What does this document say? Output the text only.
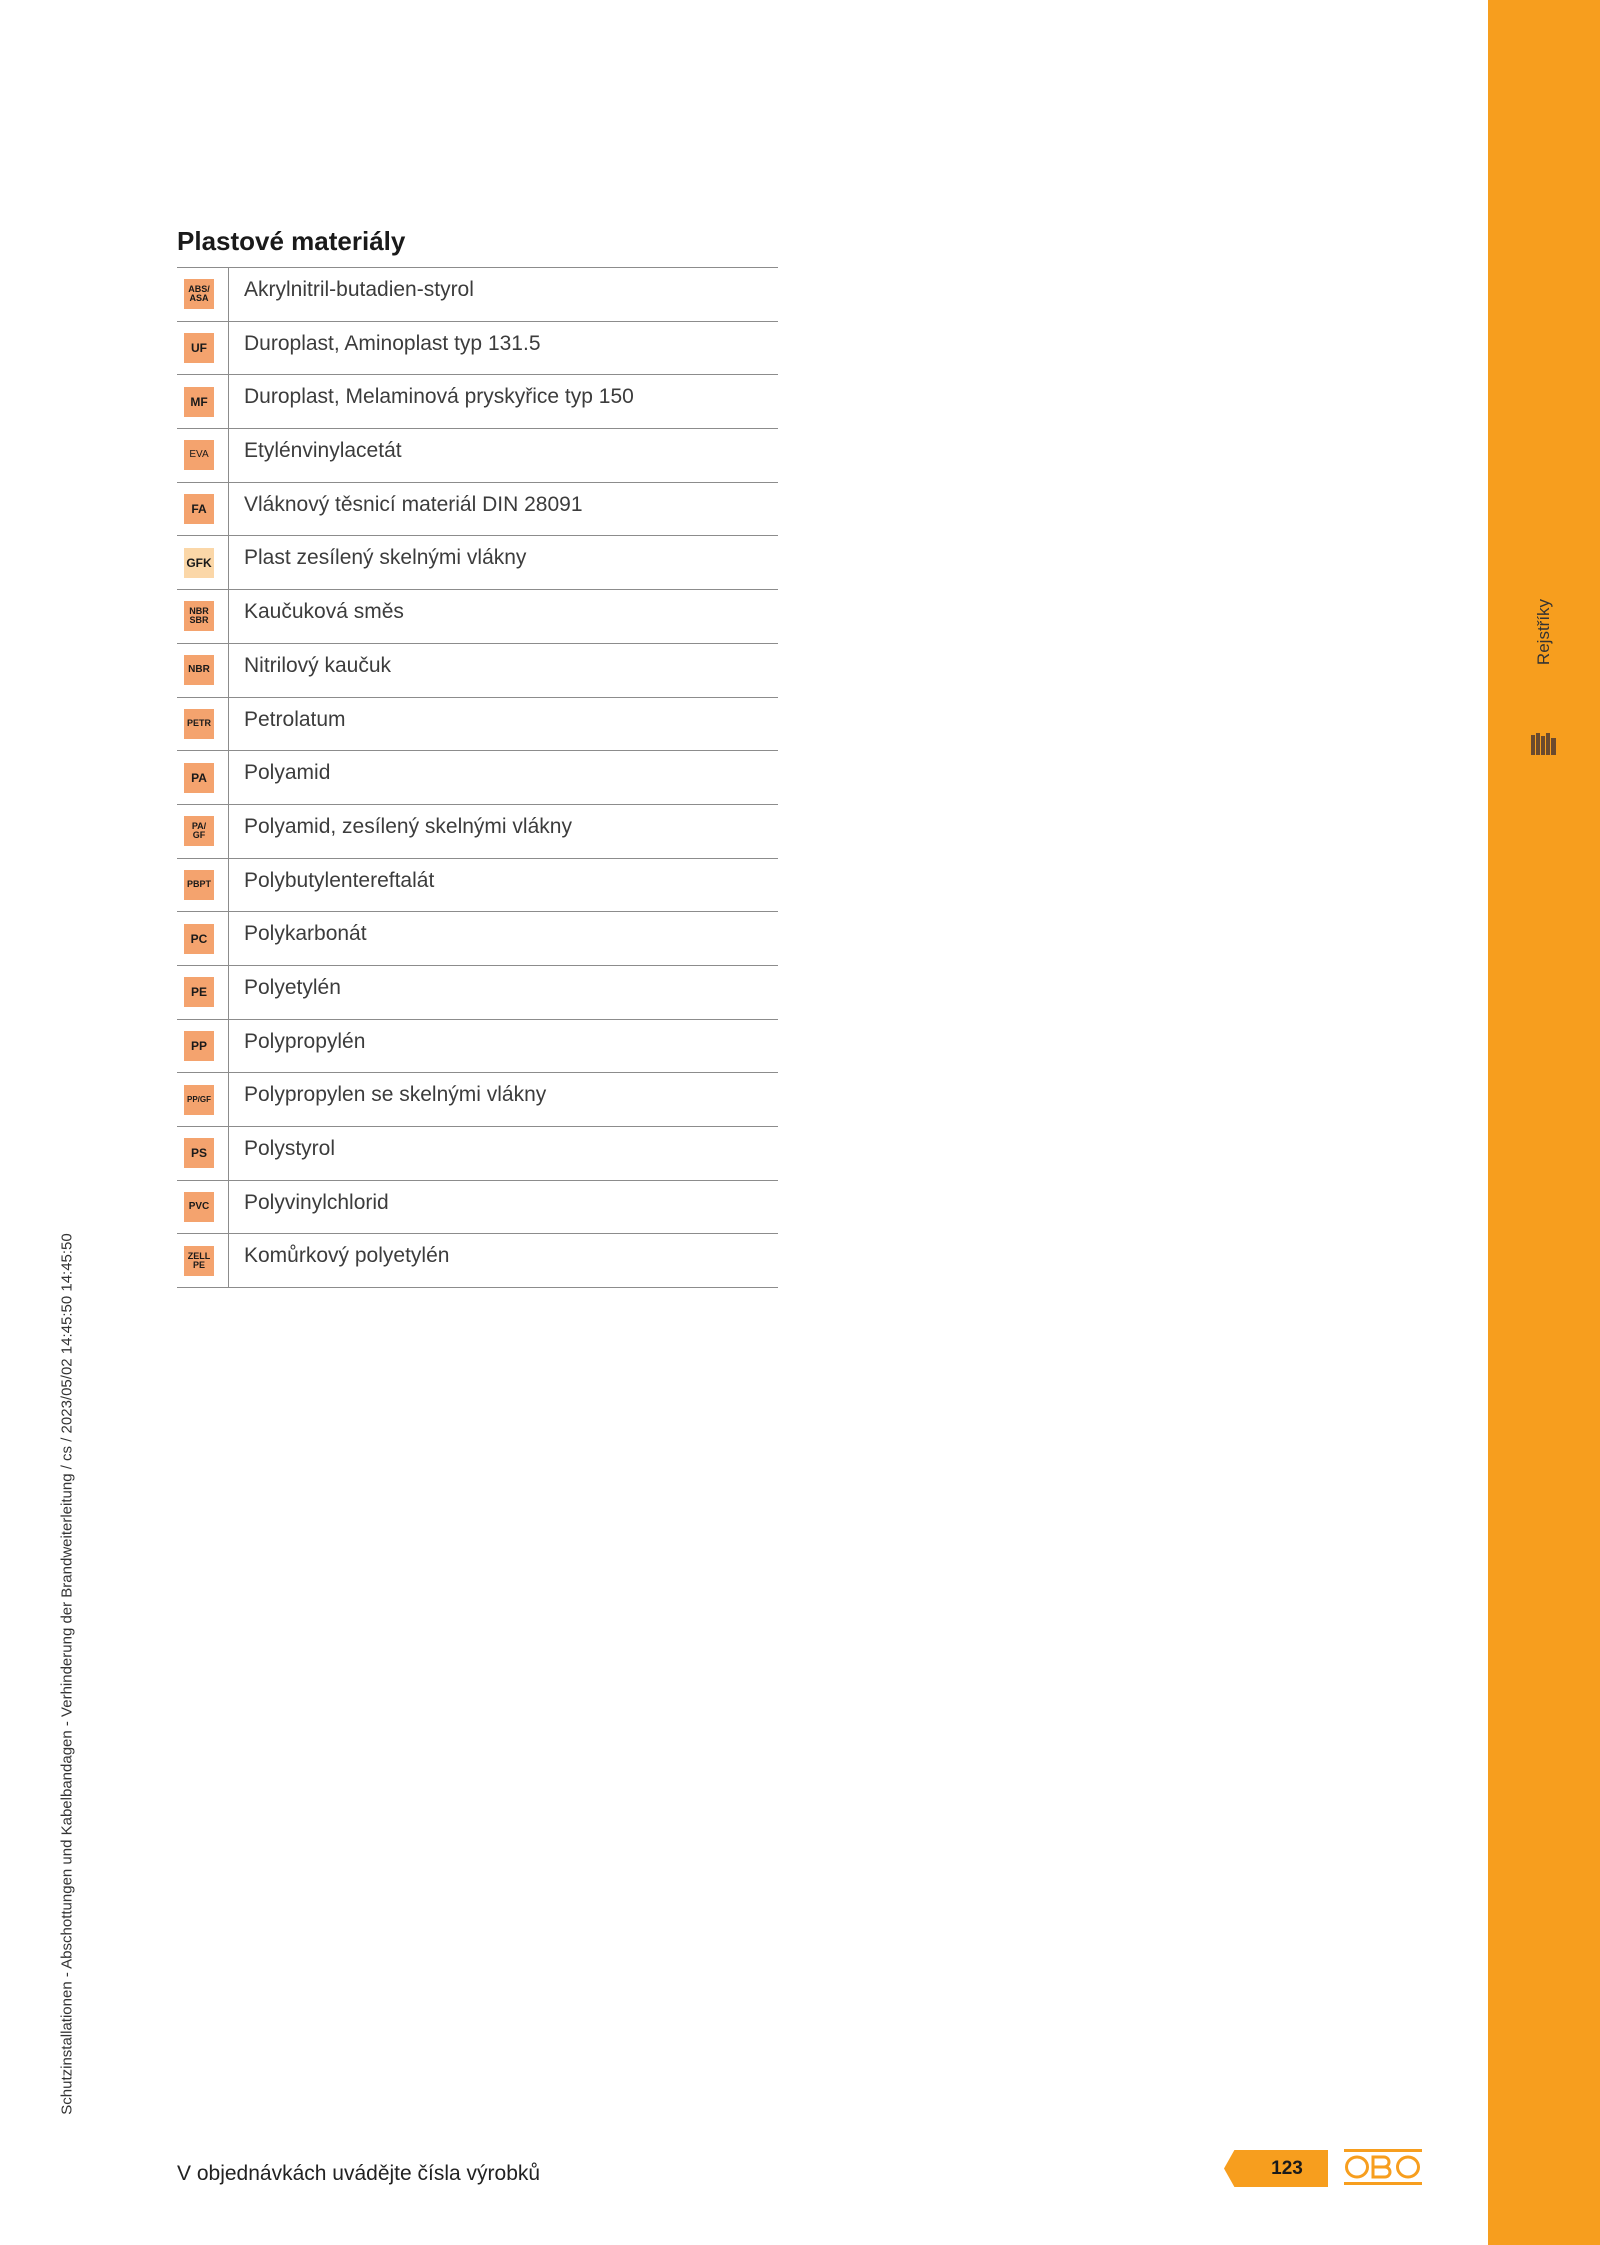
Rejstříky
Plastové materiály
ABS/
ASA	Akrylnitril-butadien-styrol

UF	Duroplast, Aminoplast typ 131.5

MF	Duroplast, Melaminová pryskyřice typ 150

EVA	Etylénvinylacetát

FA	Vláknový těsnicí materiál DIN 28091

GFK	Plast zesílený skelnými vlákny

NBR
SBR	Kaučuková směs

NBR	Nitrilový kaučuk

PETR	Petrolatum

PA	Polyamid

PA/
GF	Polyamid, zesílený skelnými vlákny

PBPT	Polybutylentereftalát

PC	Polykarbonát

PE	Polyetylén

PP	Polypropylén

PP/GF	Polypropylen se skelnými vlákny

PS	Polystyrol

PVC	Polyvinylchlorid

ZELL
PE	Komůrkový polyetylén
Schutzinstallationen - Abschottungen und Kabelbandagen - Verhinderung der Brandweiterleitung / cs / 2023/05/02 14:45:50 14:45:50
V objednávkách uvádějte čísla výrobků	123
